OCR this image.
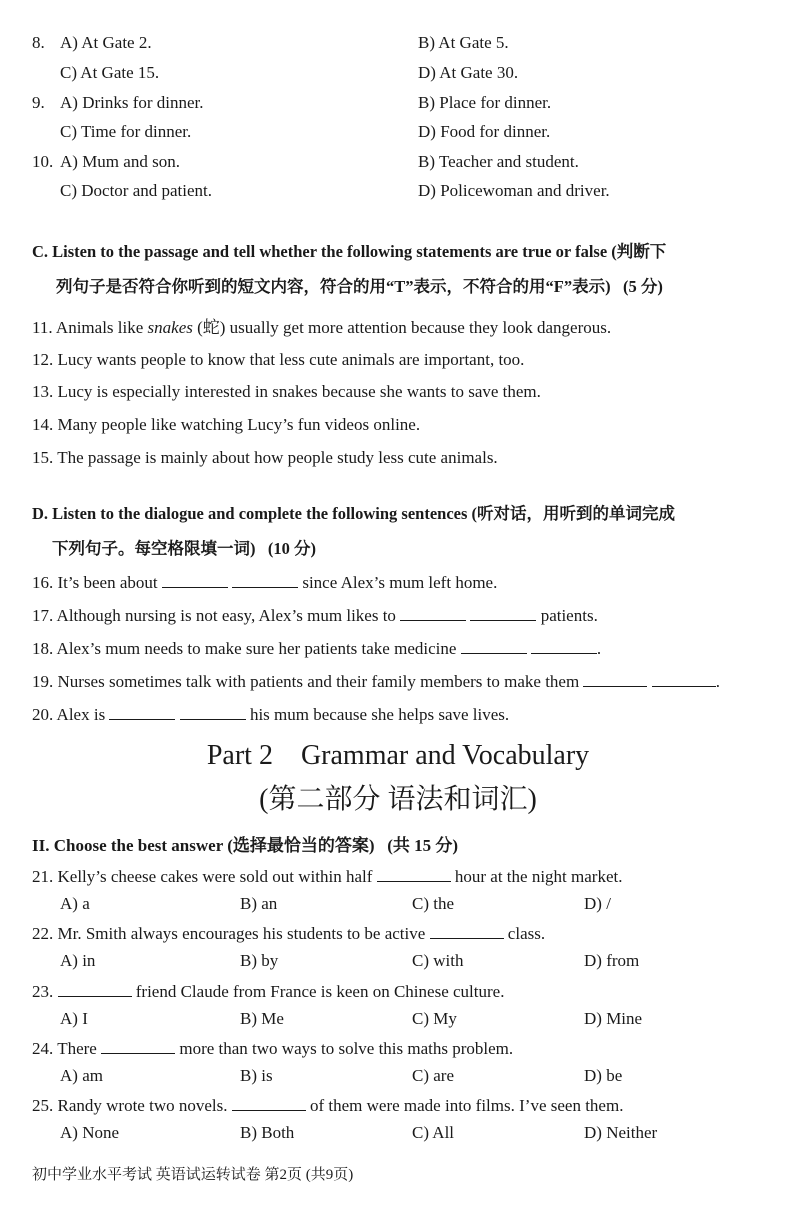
8. A) At Gate 2.	B) At Gate 5.
C) At Gate 15.	D) At Gate 30.
9. A) Drinks for dinner.	B) Place for dinner.
C) Time for dinner.	D) Food for dinner.
10. A) Mum and son.	B) Teacher and student.
C) Doctor and patient.	D) Policewoman and driver.
C. Listen to the passage and tell whether the following statements are true or false (判断下
列句子是否符合你听到的短文内容，符合的用“T”表示，不符合的用“F”表示)   (5 分)
11. Animals like snakes (蛇) usually get more attention because they look dangerous.
12. Lucy wants people to know that less cute animals are important, too.
13. Lucy is especially interested in snakes because she wants to save them.
14. Many people like watching Lucy’s fun videos online.
15. The passage is mainly about how people study less cute animals.
D. Listen to the dialogue and complete the following sentences (听对话，用听到的单词完成
下列句子。每空格限填一词)   (10 分)
16. It’s been about	since Alex’s mum left home.
17. Although nursing is not easy, Alex’s mum likes to	patients.
18. Alex’s mum needs to make sure her patients take medicine	.
19. Nurses sometimes talk with patients and their family members to make them	.
20. Alex is	his mum because she helps save lives.
Part 2    Grammar and Vocabulary
(第二部分 语法和词汇)
II. Choose the best answer (选择最恰当的答案)   (共 15 分)
21. Kelly’s cheese cakes were sold out within half	hour at the night market.
A) a	B) an	C) the	D) /
22. Mr. Smith always encourages his students to be active	class.
A) in	B) by	C) with	D) from
23.	friend Claude from France is keen on Chinese culture.
A) I	B) Me	C) My	D) Mine
24. There	more than two ways to solve this maths problem.
A) am	B) is	C) are	D) be
25. Randy wrote two novels.	of them were made into films. I’ve seen them.
A) None	B) Both	C) All	D) Neither
初中学业水平考试 英语试运转试卷 第2页 (共9页)
